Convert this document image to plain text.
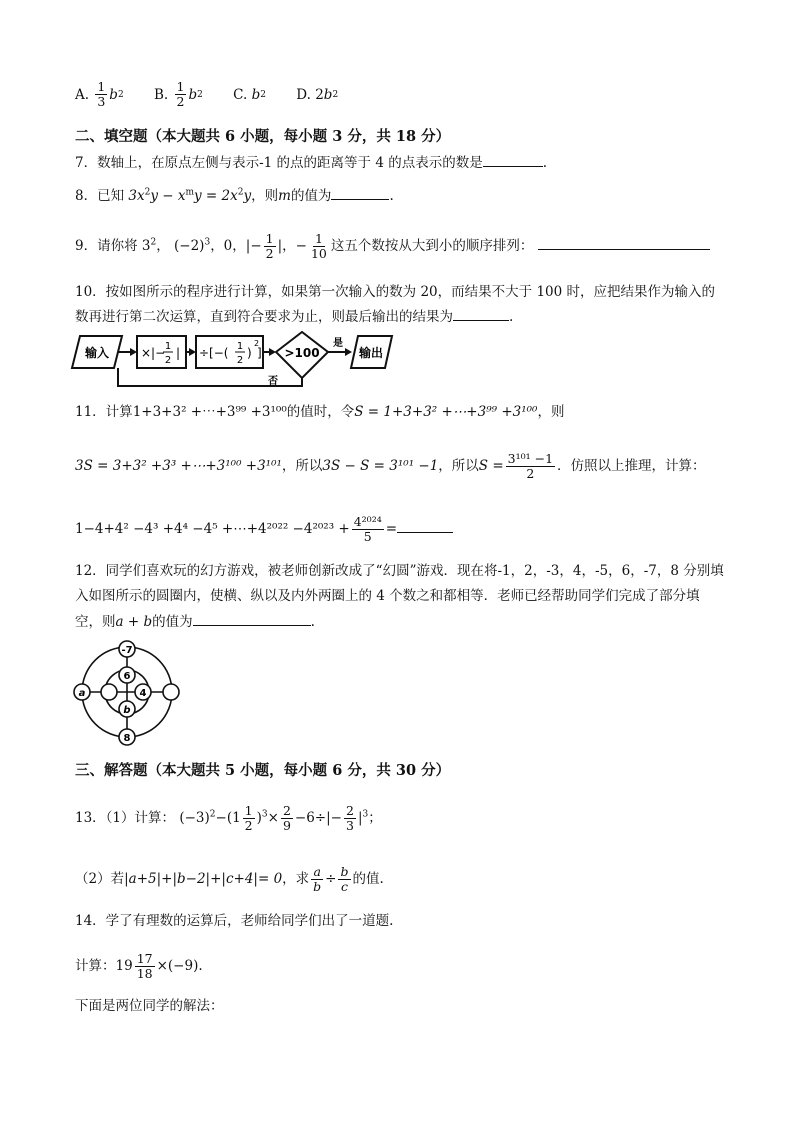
A.
$\frac{1}{3}$ b 2
B.
$\frac{1}{2}$ b 2
C.
b 2
D.
2 b 2
二、填空题（本大题共 6 小题，每小题 3 分，共 18 分）
7．数轴上，在原点左侧与表示-1 的点的距离等于 4 的点表示的数是	.
8．已知 $3x^2y - x^my = 2x^2y$，则m的值为	.
9．请你将 $3^2$， $(-2)^3$，0，|− $\frac{1}{2}$ |，− $\frac{1}{10}$ 这五个数按从大到小的顺序排列：
10．按如图所示的程序进行计算，如果第一次输入的数为 20，而结果不大于 100 时，应把结果作为输入的
数再进行第二次运算，直到符合要求为止，则最后输出的结果为	.
输入	×|− 1
2
| ÷[−( 1
2
)
2
] >100
是
输出
否
11．计算1+3+3² +⋯+3⁹⁹ +3¹⁰⁰的值时，令S = 1+3+3² +⋯+3⁹⁹ +3¹⁰⁰，则
3S = 3+3² +3³ +⋯+3¹⁰⁰ +3¹⁰¹，所以3S − S = 3¹⁰¹ −1，所以$S = \frac{\text{3¹⁰¹ −1}}{2}$ ．仿照以上推理，计算：
1−4+4² −4³ +4⁴ −4⁵ +⋯+4²⁰²² $-4^{2023} + \frac{\text{4²⁰²⁴}}{5}$ =
12．同学们喜欢玩的幻方游戏，被老师创新改成了“幻圆”游戏．现在将-1，2，-3，4，-5，6，-7，8 分别填
入如图所示的圆圈内，使横、纵以及内外两圈上的 4 个数之和都相等．老师已经帮助同学们完成了部分填
空，则a + b的值为	.
-7
6
a	4
b
8
三、解答题（本大题共 5 小题，每小题 6 分，共 30 分）
13．（1）计算： $(-3)^2-(1 \frac{1}{2} )^3\times \frac{2}{9} -6\div|- \frac{2}{3} |^3$；
（2）若|a+5|+|b−2|+|c+4|= 0，求 $\frac{a}{b} \div \frac{b}{c}$ 的值.
14．学了有理数的运算后，老师给同学们出了一道题.
计算：$19 \frac{17}{18} \times(-9)$.
下面是两位同学的解法：
